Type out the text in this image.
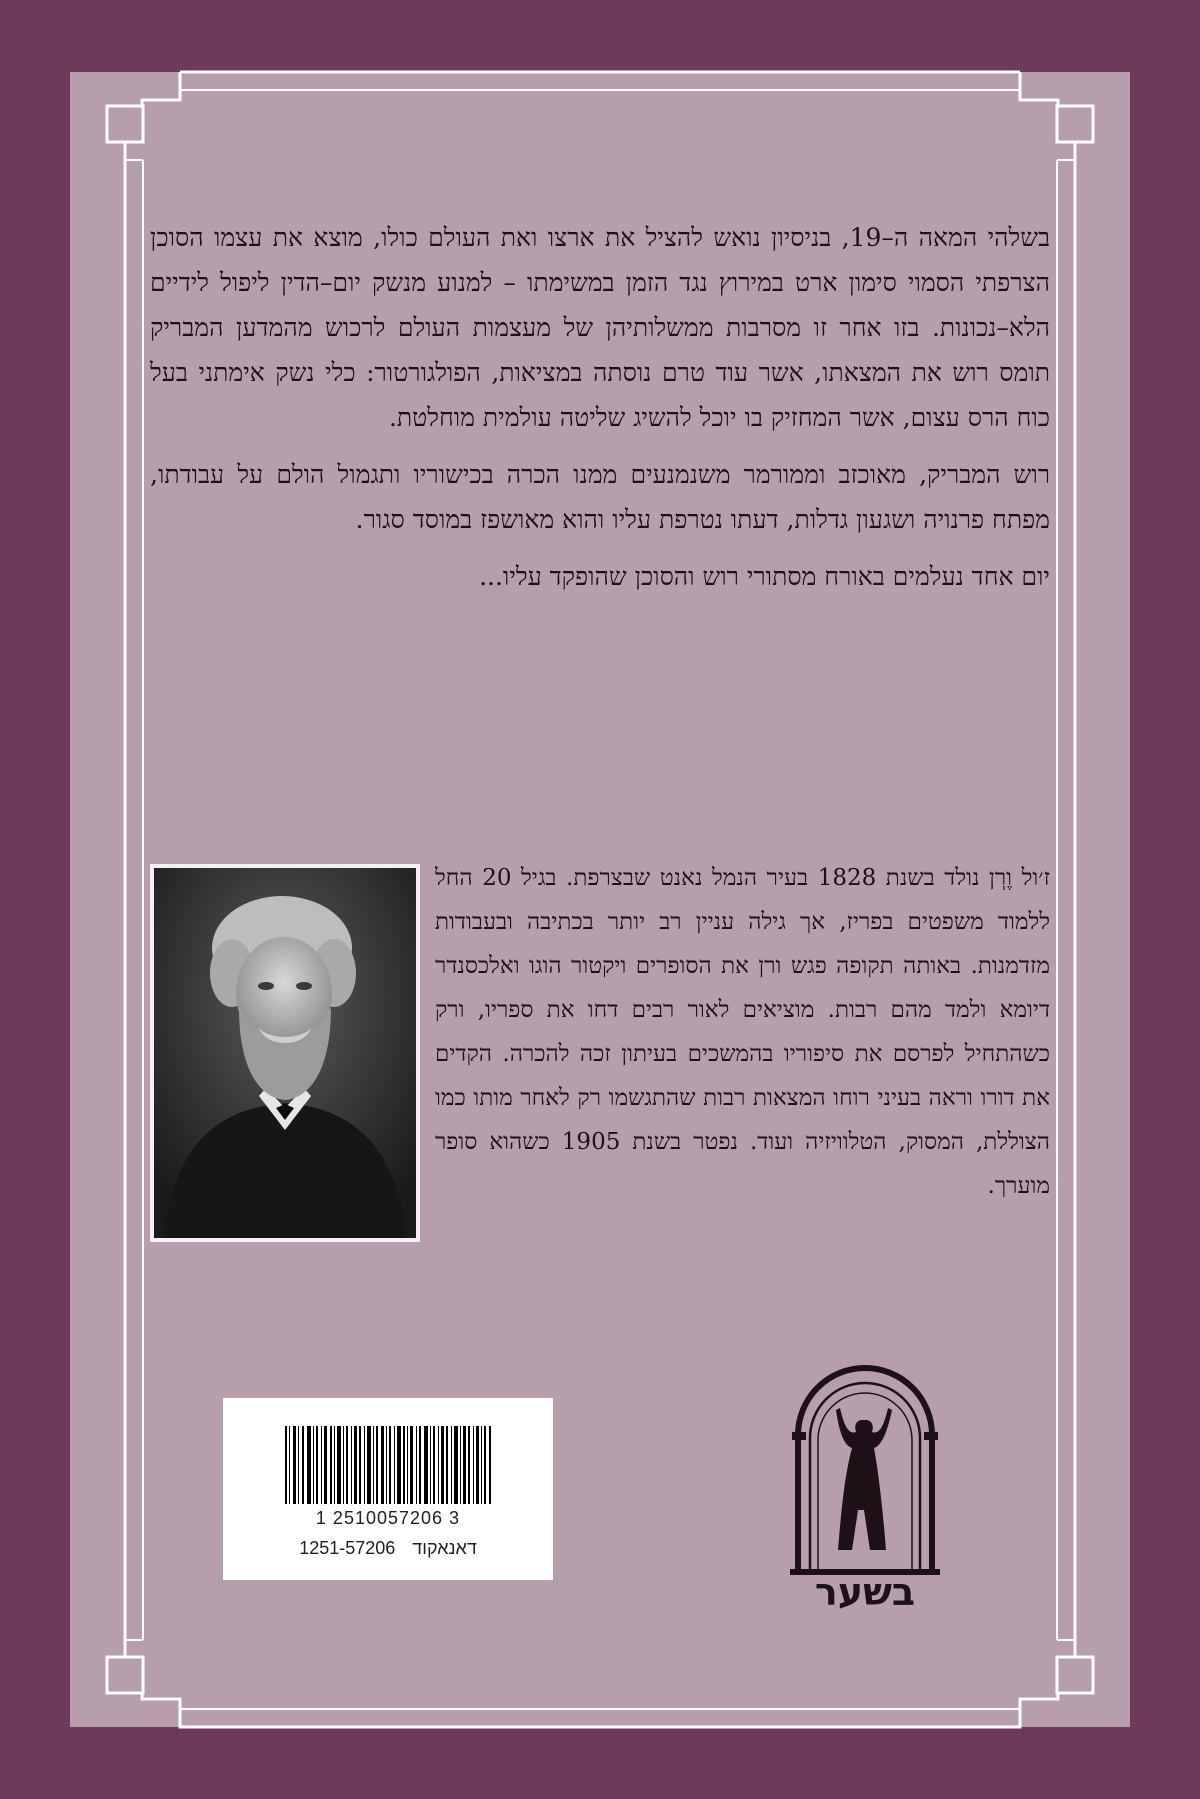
בשלהי המאה ה–19, בניסיון נואש להציל את ארצו ואת העולם כולו, מוצא את עצמו הסוכן הצרפתי הסמוי סימון ארט במירוץ נגד הזמן במשימתו – למנוע מנשק יום–הדין ליפול לידיים הלא–נכונות. בזו אחר זו מסרבות ממשלותיהן של מעצמות העולם לרכוש מהמדען המבריק תומס רוש את המצאתו, אשר עוד טרם נוסתה במציאות, הפולגורטור: כלי נשק אימתני בעל כוח הרס עצום, אשר המחזיק בו יוכל להשיג שליטה עולמית מוחלטת.

רוש המבריק, מאוכזב וממורמר משנמנעים ממנו הכרה בכישוריו ותגמול הולם על עבודתו, מפתח פרנויה ושגעון גדלות, דעתו נטרפת עליו והוא מאושפז במוסד סגור.

יום אחד נעלמים באורח מסתורי רוש והסוכן שהופקד עליו...

ז׳ול וֶרְן נולד בשנת 1828 בעיר הנמל נאנט שבצרפת. בגיל 20 החל ללמוד משפטים בפריז, אך גילה עניין רב יותר בכתיבה ובעבודות מזדמנות. באותה תקופה פגש ורן את הסופרים ויקטור הוגו ואלכסנדר דיומא ולמד מהם רבות. מוציאים לאור רבים דחו את ספריו, ורק כשהתחיל לפרסם את סיפוריו בהמשכים בעיתון זכה להכרה. הקדים את דורו וראה בעיני רוחו המצאות רבות שהתגשמו רק לאחר מותו כמו הצוללת, המסוק, הטלוויזיה ועוד. נפטר בשנת 1905 כשהוא סופר מוערך.

1 2510057206 3
1251-57206 דאנאקוד
בשער
